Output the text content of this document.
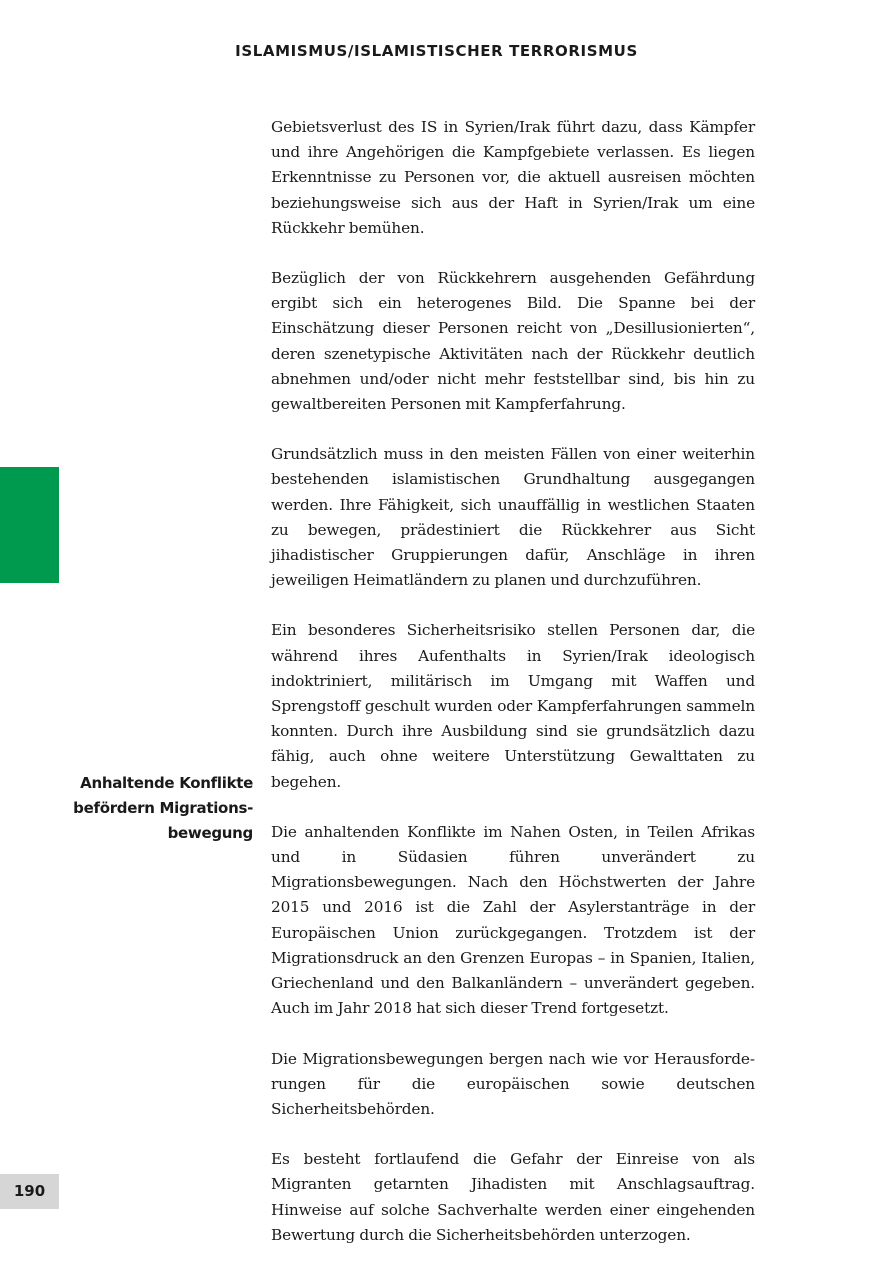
ISLAMISMUS/ISLAMISTISCHER TERRORISMUS
Anhaltende Konflikte
befördern Migrations-
bewegung

Gebietsverlust des IS in Syrien/Irak führt dazu, dass Kämpfer und ihre Angehörigen die Kampfgebiete verlassen. Es liegen Erkenntnisse zu Personen vor, die aktuell ausreisen möchten beziehungsweise sich aus der Haft in Syrien/Irak um eine Rückkehr bemühen.

Bezüglich der von Rückkehrern ausgehenden Gefährdung ergibt sich ein heterogenes Bild. Die Spanne bei der Einschätzung dieser Personen reicht von „Desillusionierten“, deren szenetypische Aktivitäten nach der Rückkehr deutlich abnehmen und/oder nicht mehr feststellbar sind, bis hin zu gewaltbereiten Personen mit Kampferfahrung.

Grundsätzlich muss in den meisten Fällen von einer weiterhin bestehenden islamistischen Grundhaltung ausgegangen werden. Ihre Fähigkeit, sich unauffällig in westlichen Staaten zu bewegen, prädestiniert die Rückkehrer aus Sicht jihadistischer Gruppierungen dafür, Anschläge in ihren jeweiligen Heimatländern zu planen und durchzuführen.

Ein besonderes Sicherheitsrisiko stellen Personen dar, die während ihres Aufenthalts in Syrien/Irak ideologisch indoktriniert, militärisch im Umgang mit Waffen und Sprengstoff geschult wurden oder Kampferfahrungen sammeln konnten. Durch ihre Ausbildung sind sie grundsätzlich dazu fähig, auch ohne weitere Unterstützung Gewalttaten zu begehen.

Die anhaltenden Konflikte im Nahen Osten, in Teilen Afrikas und in Südasien führen unverändert zu Migrationsbewegungen. Nach den Höchstwerten der Jahre 2015 und 2016 ist die Zahl der Asylerstanträge in der Europäischen Union zurückgegangen. Trotzdem ist der Migrationsdruck an den Grenzen Europas – in Spanien, Italien, Griechenland und den Balkanländern – unverändert gegeben. Auch im Jahr 2018 hat sich dieser Trend fortgesetzt.

Die Migrationsbewegungen bergen nach wie vor Herausforderungen für die europäischen sowie deutschen Sicherheitsbehörden.

Es besteht fortlaufend die Gefahr der Einreise von als Migranten getarnten Jihadisten mit Anschlagsauftrag. Hinweise auf solche Sachverhalte werden einer eingehenden Bewertung durch die Sicherheitsbehörden unterzogen.

190
